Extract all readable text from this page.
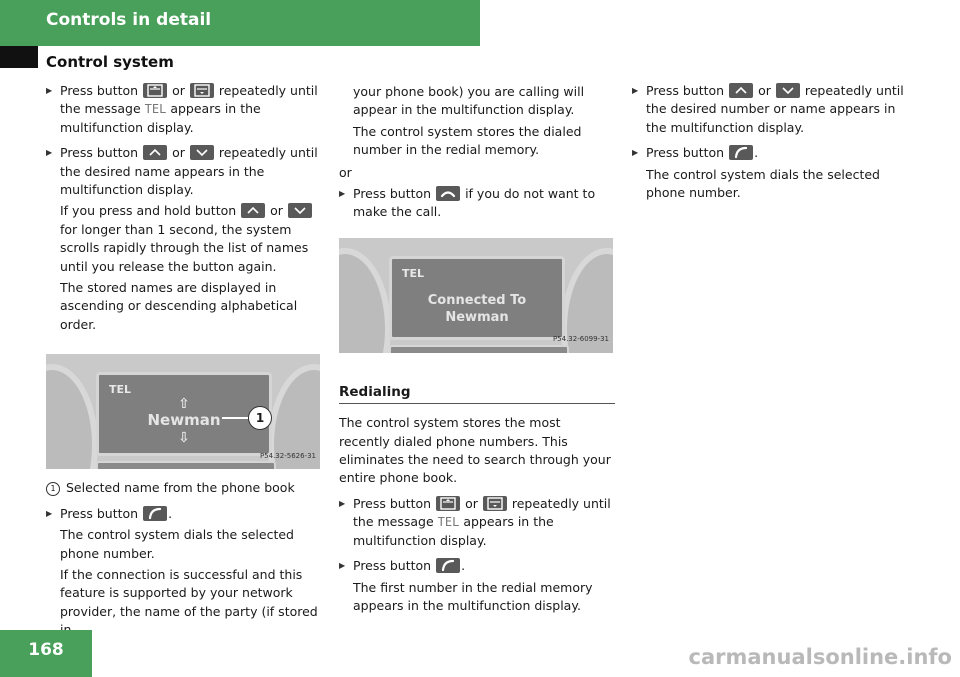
Controls in detail
Control system
▶ Press button	or	repeatedly until the message TEL appears in the multifunction display.
▶ Press button	or	repeatedly until the desired name appears in the multifunction display.
If you press and hold button	or
for longer than 1 second, the system scrolls rapidly through the list of names until you release the button again.
The stored names are displayed in ascending or descending alphabetical order.
TEL
⇧
Newman
⇩
1
P54.32-5626-31
1 Selected name from the phone book
▶ Press button .
The control system dials the selected phone number.
If the connection is successful and this feature is supported by your network provider, the name of the party (if stored
your phone book) you are calling will appear in the multifunction display.
The control system stores the dialed number in the redial memory.
or
▶ Press button	if you do not want to make the call.
TEL
Connected To
Newman
P54.32-6099-31
Redialing
The control system stores the most recently dialed phone numbers. This eliminates the need to search through your entire phone book.
▶ Press button	or	repeatedly until the message TEL appears in the multifunction display.
▶ Press button .
The first number in the redial memory appears in the multifunction display.
▶ Press button	or	repeatedly until the desired number or name appears in the multifunction display.
▶ Press button .
The control system dials the selected phone number.
168	carmanualsonline.info
